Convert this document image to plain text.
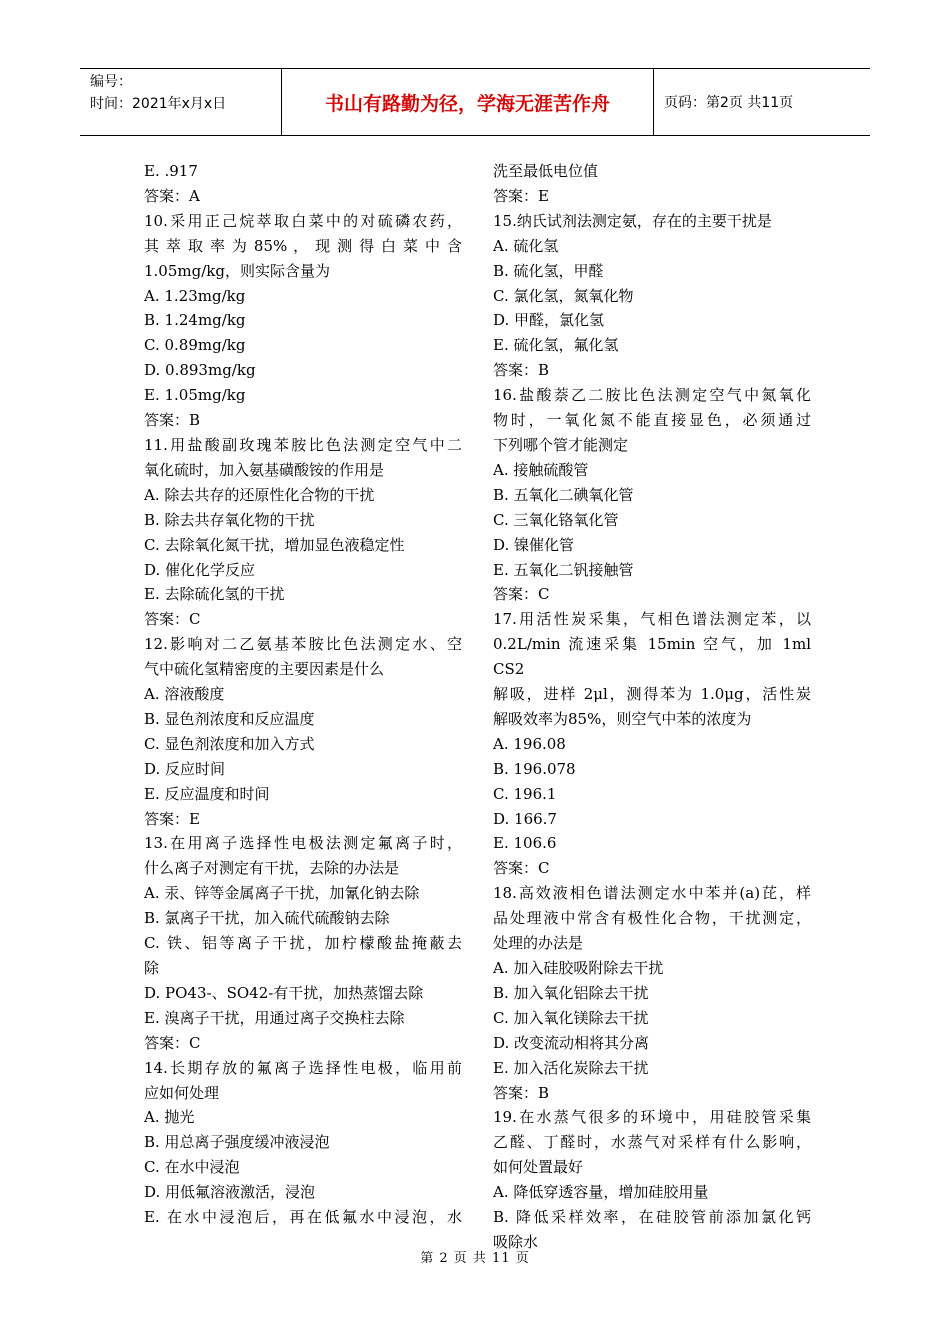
编号：
时间：2021年x月x日	书山有路勤为径，学海无涯苦作舟	页码：第2页 共11页
E. .917
答案：A
10.采用正己烷萃取白菜中的对硫磷农药，
其 萃 取 率 为 85% ， 现 测 得 白 菜 中 含
1.05mg/kg，则实际含量为
A. 1.23mg/kg
B. 1.24mg/kg
C. 0.89mg/kg
D. 0.893mg/kg
E. 1.05mg/kg
答案：B
11.用盐酸副玫瑰苯胺比色法测定空气中二
氧化硫时，加入氨基磺酸铵的作用是
A. 除去共存的还原性化合物的干扰
B. 除去共存氧化物的干扰
C. 去除氧化氮干扰，增加显色液稳定性
D. 催化化学反应
E. 去除硫化氢的干扰
答案：C
12.影响对二乙氨基苯胺比色法测定水、空
气中硫化氢精密度的主要因素是什么
A. 溶液酸度
B. 显色剂浓度和反应温度
C. 显色剂浓度和加入方式
D. 反应时间
E. 反应温度和时间
答案：E
13.在用离子选择性电极法测定氟离子时，
什么离子对测定有干扰，去除的办法是
A. 汞、锌等金属离子干扰，加氰化钠去除
B. 氯离子干扰，加入硫代硫酸钠去除
C. 铁、铝等离子干扰，加柠檬酸盐掩蔽去
除
D. PO43-、SO42-有干扰，加热蒸馏去除
E. 溴离子干扰，用通过离子交换柱去除
答案：C
14.长期存放的氟离子选择性电极，临用前
应如何处理
A. 抛光
B. 用总离子强度缓冲液浸泡
C. 在水中浸泡
D. 用低氟溶液激活，浸泡
E. 在水中浸泡后，再在低氟水中浸泡，水
洗至最低电位值
答案：E
15.纳氏试剂法测定氨，存在的主要干扰是
A. 硫化氢
B. 硫化氢，甲醛
C. 氯化氢，氮氧化物
D. 甲醛，氯化氢
E. 硫化氢，氟化氢
答案：B
16.盐酸萘乙二胺比色法测定空气中氮氧化
物时，一氧化氮不能直接显色，必须通过
下列哪个管才能测定
A. 接触硫酸管
B. 五氧化二碘氧化管
C. 三氧化铬氧化管
D. 镍催化管
E. 五氧化二钒接触管
答案：C
17.用活性炭采集，气相色谱法测定苯，以
0.2L/min 流速采集 15min 空气，加 1ml CS2
解吸，进样 2μl，测得苯为 1.0μg，活性炭
解吸效率为85%，则空气中苯的浓度为
A. 196.08
B. 196.078
C. 196.1
D. 166.7
E. 106.6
答案：C
18.高效液相色谱法测定水中苯并(a)芘，样
品处理液中常含有极性化合物，干扰测定，
处理的办法是
A. 加入硅胶吸附除去干扰
B. 加入氧化铝除去干扰
C. 加入氧化镁除去干扰
D. 改变流动相将其分离
E. 加入活化炭除去干扰
答案：B
19.在水蒸气很多的环境中，用硅胶管采集
乙醛、丁醛时，水蒸气对采样有什么影响，
如何处置最好
A. 降低穿透容量，增加硅胶用量
B. 降低采样效率，在硅胶管前添加氯化钙
吸除水
第 2 页 共 11 页
